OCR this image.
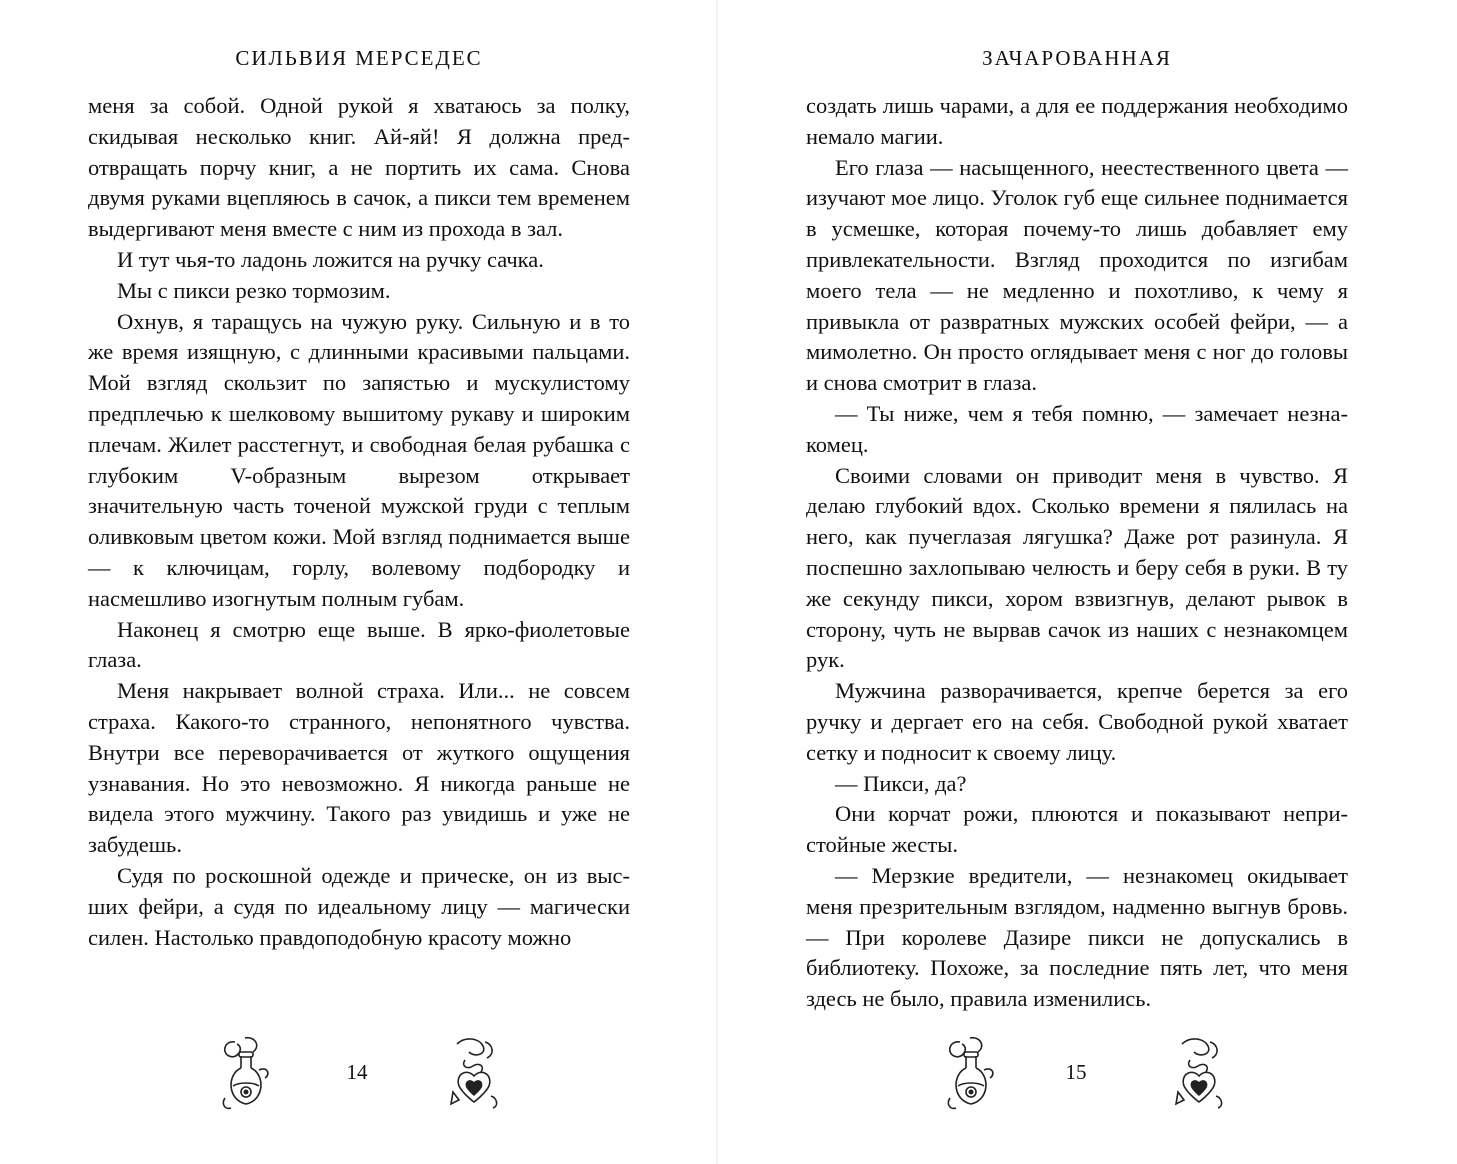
СИЛЬВИЯ МЕРСЕДЕС

меня за собой. Одной рукой я хватаюсь за полку, скидывая несколько книг. Ай-яй! Я должна предотвращать порчу книг, а не портить их сама. Снова двумя руками вцепляюсь в сачок, а пикси тем временем выдергивают меня вместе с ним из прохода в зал.

И тут чья-то ладонь ложится на ручку сачка.

Мы с пикси резко тормозим.

Охнув, я таращусь на чужую руку. Сильную и в то же время изящную, с длинными красивыми пальцами. Мой взгляд скользит по запястью и мускулистому предплечью к шелковому вышитому рукаву и широким плечам. Жилет расстегнут, и свободная белая рубашка с глубоким V-образным вырезом открывает значительную часть точеной мужской груди с теплым оливковым цветом кожи. Мой взгляд поднимается выше — к ключицам, горлу, волевому подбородку и насмешливо изогнутым полным губам.

Наконец я смотрю еще выше. В ярко-фиолетовые глаза.

Меня накрывает волной страха. Или... не совсем страха. Какого-то странного, непонятного чувства. Внутри все переворачивается от жуткого ощущения узнавания. Но это невозможно. Я никогда раньше не видела этого мужчину. Такого раз увидишь и уже не забудешь.

Судя по роскошной одежде и прическе, он из высших фейри, а судя по идеальному лицу — магически силен. Настолько правдоподобную красоту можно

14
ЗАЧАРОВАННАЯ

создать лишь чарами, а для ее поддержания необходимо немало магии.

Его глаза — насыщенного, неестественного цвета — изучают мое лицо. Уголок губ еще сильнее поднимается в усмешке, которая почему-то лишь добавляет ему привлекательности. Взгляд проходится по изгибам моего тела — не медленно и похотливо, к чему я привыкла от развратных мужских особей фейри, — а мимолетно. Он просто оглядывает меня с ног до головы и снова смотрит в глаза.

— Ты ниже, чем я тебя помню, — замечает незнакомец.

Своими словами он приводит меня в чувство. Я делаю глубокий вдох. Сколько времени я пялилась на него, как пучеглазая лягушка? Даже рот разинула. Я поспешно захлопываю челюсть и беру себя в руки. В ту же секунду пикси, хором взвизгнув, делают рывок в сторону, чуть не вырвав сачок из наших с незнакомцем рук.

Мужчина разворачивается, крепче берется за его ручку и дергает его на себя. Свободной рукой хватает сетку и подносит к своему лицу.

— Пикси, да?

Они корчат рожи, плюются и показывают непристойные жесты.

— Мерзкие вредители, — незнакомец окидывает меня презрительным взглядом, надменно выгнув бровь. — При королеве Дазире пикси не допускались в библиотеку. Похоже, за последние пять лет, что меня здесь не было, правила изменились.

15
